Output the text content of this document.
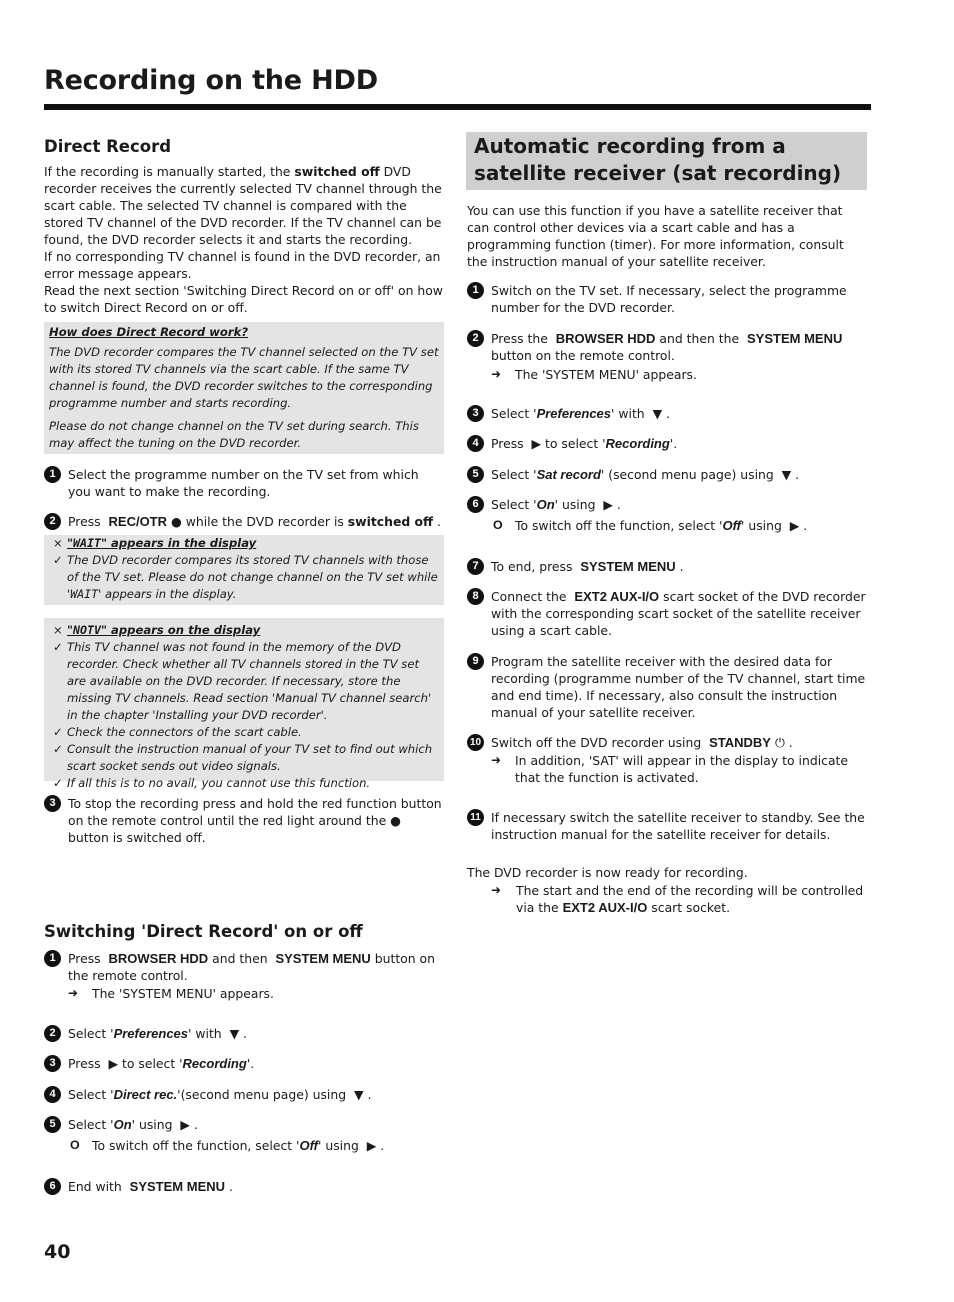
Recording on the HDD
Direct Record

If the recording is manually started, the switched off DVD recorder receives the currently selected TV channel through the scart cable. The selected TV channel is compared with the stored TV channel of the DVD recorder. If the TV channel can be found, the DVD recorder selects it and starts the recording.

If no corresponding TV channel is found in the DVD recorder, an error message appears.

Read the next section 'Switching Direct Record on or off' on how to switch Direct Record on or off.

How does Direct Record work?
The DVD recorder compares the TV channel selected on the TV set with its stored TV channels via the scart cable. If the same TV channel is found, the DVD recorder switches to the corresponding programme number and starts recording.
Please do not change channel on the TV set during search. This may affect the tuning on the DVD recorder.
1	Select the programme number on the TV set from which you want to make the recording.
2	Press REC/OTR ● while the DVD recorder is switched off .
× "WAIT" appears in the display
✓ The DVD recorder compares its stored TV channels with those of the TV set. Please do not change channel on the TV set while 'WAIT' appears in the display.
× "NOTV" appears on the display
✓ This TV channel was not found in the memory of the DVD recorder. Check whether all TV channels stored in the TV set are available on the DVD recorder. If necessary, store the missing TV channels. Read section 'Manual TV channel search' in the chapter 'Installing your DVD recorder'.
✓ Check the connectors of the scart cable.
✓ Consult the instruction manual of your TV set to find out which scart socket sends out video signals.
✓ If all this is to no avail, you cannot use this function.
3	To stop the recording press and hold the red function button on the remote control until the red light around the ● button is switched off.
Switching 'Direct Record' on or off
1	Press BROWSER HDD and then  SYSTEM MENU button on the remote control.
➜ The 'SYSTEM MENU' appears.
2	Select 'Preferences' with ▼ .
3	Press ▶ to select 'Recording'.
4	Select 'Direct rec.'(second menu page) using ▼ .
5	Select 'On' using ▶ .
O To switch off the function, select 'Off' using ▶ .
6	End with SYSTEM MENU .
Automatic recording from a satellite receiver (sat recording)
You can use this function if you have a satellite receiver that can control other devices via a scart cable and has a programming function (timer). For more information, consult the instruction manual of your satellite receiver.
1	Switch on the TV set. If necessary, select the programme number for the DVD recorder.
2	Press the BROWSER HDD and then the  SYSTEM MENU button on the remote control.
➜ The 'SYSTEM MENU' appears.
3	Select 'Preferences' with ▼ .
4	Press ▶ to select 'Recording'.
5	Select 'Sat record' (second menu page) using ▼ .
6	Select 'On' using ▶ .
O To switch off the function, select 'Off' using ▶ .
7	To end, press SYSTEM MENU .
8	Connect the EXT2 AUX-I/O scart socket of the DVD recorder with the corresponding scart socket of the satellite receiver using a scart cable.
9	Program the satellite receiver with the desired data for recording (programme number of the TV channel, start time and end time). If necessary, also consult the instruction manual of your satellite receiver.
10 Switch off the DVD recorder using STANDBY ⏻ .
➜ In addition, 'SAT' will appear in the display to indicate that the function is activated.
11 If necessary switch the satellite receiver to standby. See the instruction manual for the satellite receiver for details.
The DVD recorder is now ready for recording.
➜ The start and the end of the recording will be controlled via the EXT2 AUX-I/O scart socket.
40
